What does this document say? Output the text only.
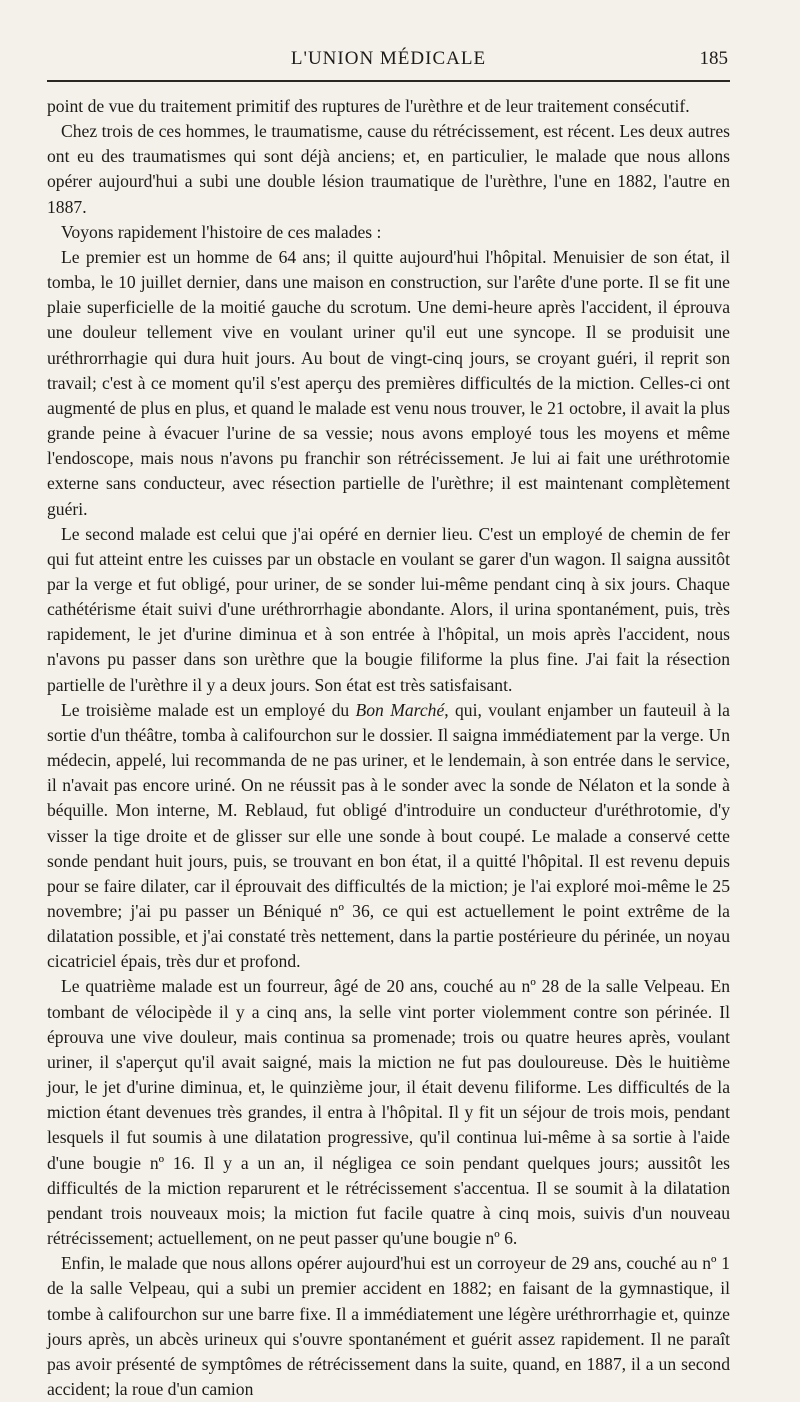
L'UNION MÉDICALE	185

point de vue du traitement primitif des ruptures de l'urèthre et de leur traitement consécutif.

Chez trois de ces hommes, le traumatisme, cause du rétrécissement, est récent. Les deux autres ont eu des traumatismes qui sont déjà anciens; et, en particulier, le malade que nous allons opérer aujourd'hui a subi une double lésion traumatique de l'urèthre, l'une en 1882, l'autre en 1887.

Voyons rapidement l'histoire de ces malades :

Le premier est un homme de 64 ans; il quitte aujourd'hui l'hôpital. Menuisier de son état, il tomba, le 10 juillet dernier, dans une maison en construction, sur l'arête d'une porte. Il se fit une plaie superficielle de la moitié gauche du scrotum. Une demi-heure après l'accident, il éprouva une douleur tellement vive en voulant uriner qu'il eut une syncope. Il se produisit une uréthrorrhagie qui dura huit jours. Au bout de vingt-cinq jours, se croyant guéri, il reprit son travail; c'est à ce moment qu'il s'est aperçu des premières difficultés de la miction. Celles-ci ont augmenté de plus en plus, et quand le malade est venu nous trouver, le 21 octobre, il avait la plus grande peine à évacuer l'urine de sa vessie; nous avons employé tous les moyens et même l'endoscope, mais nous n'avons pu franchir son rétrécissement. Je lui ai fait une uréthrotomie externe sans conducteur, avec résection partielle de l'urèthre; il est maintenant complètement guéri.

Le second malade est celui que j'ai opéré en dernier lieu. C'est un employé de chemin de fer qui fut atteint entre les cuisses par un obstacle en voulant se garer d'un wagon. Il saigna aussitôt par la verge et fut obligé, pour uriner, de se sonder lui-même pendant cinq à six jours. Chaque cathétérisme était suivi d'une uréthrorrhagie abondante. Alors, il urina spontanément, puis, très rapidement, le jet d'urine diminua et à son entrée à l'hôpital, un mois après l'accident, nous n'avons pu passer dans son urèthre que la bougie filiforme la plus fine. J'ai fait la résection partielle de l'urèthre il y a deux jours. Son état est très satisfaisant.

Le troisième malade est un employé du Bon Marché, qui, voulant enjamber un fauteuil à la sortie d'un théâtre, tomba à califourchon sur le dossier. Il saigna immédiatement par la verge. Un médecin, appelé, lui recommanda de ne pas uriner, et le lendemain, à son entrée dans le service, il n'avait pas encore uriné. On ne réussit pas à le sonder avec la sonde de Nélaton et la sonde à béquille. Mon interne, M. Reblaud, fut obligé d'introduire un conducteur d'uréthrotomie, d'y visser la tige droite et de glisser sur elle une sonde à bout coupé. Le malade a conservé cette sonde pendant huit jours, puis, se trouvant en bon état, il a quitté l'hôpital. Il est revenu depuis pour se faire dilater, car il éprouvait des difficultés de la miction; je l'ai exploré moi-même le 25 novembre; j'ai pu passer un Béniqué nº 36, ce qui est actuellement le point extrême de la dilatation possible, et j'ai constaté très nettement, dans la partie postérieure du périnée, un noyau cicatriciel épais, très dur et profond.

Le quatrième malade est un fourreur, âgé de 20 ans, couché au nº 28 de la salle Velpeau. En tombant de vélocipède il y a cinq ans, la selle vint porter violemment contre son périnée. Il éprouva une vive douleur, mais continua sa promenade; trois ou quatre heures après, voulant uriner, il s'aperçut qu'il avait saigné, mais la miction ne fut pas douloureuse. Dès le huitième jour, le jet d'urine diminua, et, le quinzième jour, il était devenu filiforme. Les difficultés de la miction étant devenues très grandes, il entra à l'hôpital. Il y fit un séjour de trois mois, pendant lesquels il fut soumis à une dilatation progressive, qu'il continua lui-même à sa sortie à l'aide d'une bougie nº 16. Il y a un an, il négligea ce soin pendant quelques jours; aussitôt les difficultés de la miction reparurent et le rétrécissement s'accentua. Il se soumit à la dilatation pendant trois nouveaux mois; la miction fut facile quatre à cinq mois, suivis d'un nouveau rétrécissement; actuellement, on ne peut passer qu'une bougie nº 6.

Enfin, le malade que nous allons opérer aujourd'hui est un corroyeur de 29 ans, couché au nº 1 de la salle Velpeau, qui a subi un premier accident en 1882; en faisant de la gymnastique, il tombe à califourchon sur une barre fixe. Il a immédiatement une légère uréthrorrhagie et, quinze jours après, un abcès urineux qui s'ouvre spontanément et guérit assez rapidement. Il ne paraît pas avoir présenté de symptômes de rétrécissement dans la suite, quand, en 1887, il a un second accident; la roue d'un camion
